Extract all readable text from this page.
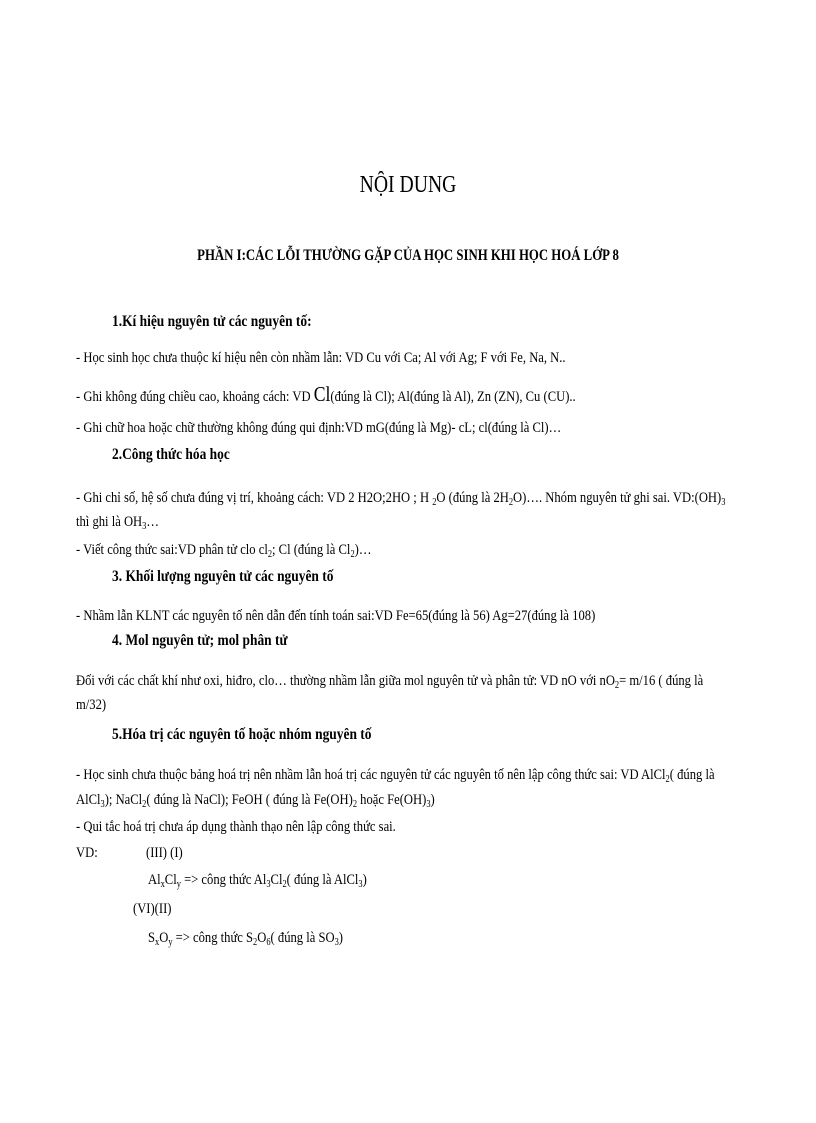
NỘI DUNG
PHẦN I:CÁC LỖI THƯỜNG GẶP CỦA HỌC SINH KHI HỌC HOÁ LỚP 8
1.Kí hiệu nguyên tử các nguyên tố:
- Học sinh học chưa thuộc kí hiệu nên còn nhầm lẫn: VD Cu với Ca; Al với Ag; F với Fe, Na, N..
- Ghi không đúng chiều cao, khoảng cách: VD Cl(đúng là Cl); Al(đúng là Al), Zn (ZN), Cu (CU)..
- Ghi chữ hoa hoặc chữ thường không đúng qui định:VD mG(đúng là Mg)- cL; cl(đúng là Cl)…
2.Công thức hóa học
- Ghi chỉ số, hệ số chưa đúng vị trí, khoảng cách: VD 2 H2O;2HO ; H $_2$O (đúng là $2H_2O)\dots$. Nhóm nguyên tử ghi sai. $VD:(OH)_3$
thì ghi là $OH_3\dots$
- Viết công thức sai:VD phân tử clo $cl_2$; Cl (đúng là $Cl_2)\dots$
3. Khối lượng nguyên tử các nguyên tố
- Nhầm lẫn KLNT các nguyên tố nên dẫn đến tính toán sai:VD Fe=65(đúng là 56) Ag=27(đúng là 108)
4. Mol nguyên tử; mol phân tử
Đối với các chất khí như oxi, hiđro, clo… thường nhầm lẫn giữa mol nguyên tử và phân tử: VD nO với $nO_2= m/16$ ( đúng là
m/32)
5.Hóa trị các nguyên tố hoặc nhóm nguyên tố
- Học sinh chưa thuộc bảng hoá trị nên nhầm lẫn hoá trị các nguyên tử các nguyên tố nên lập công thức sai: VD AlCl$_2$( đúng là
AlCl$_3$); NaCl$_2$( đúng là NaCl); FeOH ( đúng là $Fe(OH)_2$ hoặc $Fe(OH)_3$)
- Qui tắc hoá trị chưa áp dụng thành thạo nên lập công thức sai.
VD:	(III) (I)
$Al_xCl_y$ => công thức $Al_3Cl_2$( đúng là AlCl$_3$)
(VI)(II)
$S_xO_y$ => công thức $S_2O_6$( đúng là $SO_3$)
